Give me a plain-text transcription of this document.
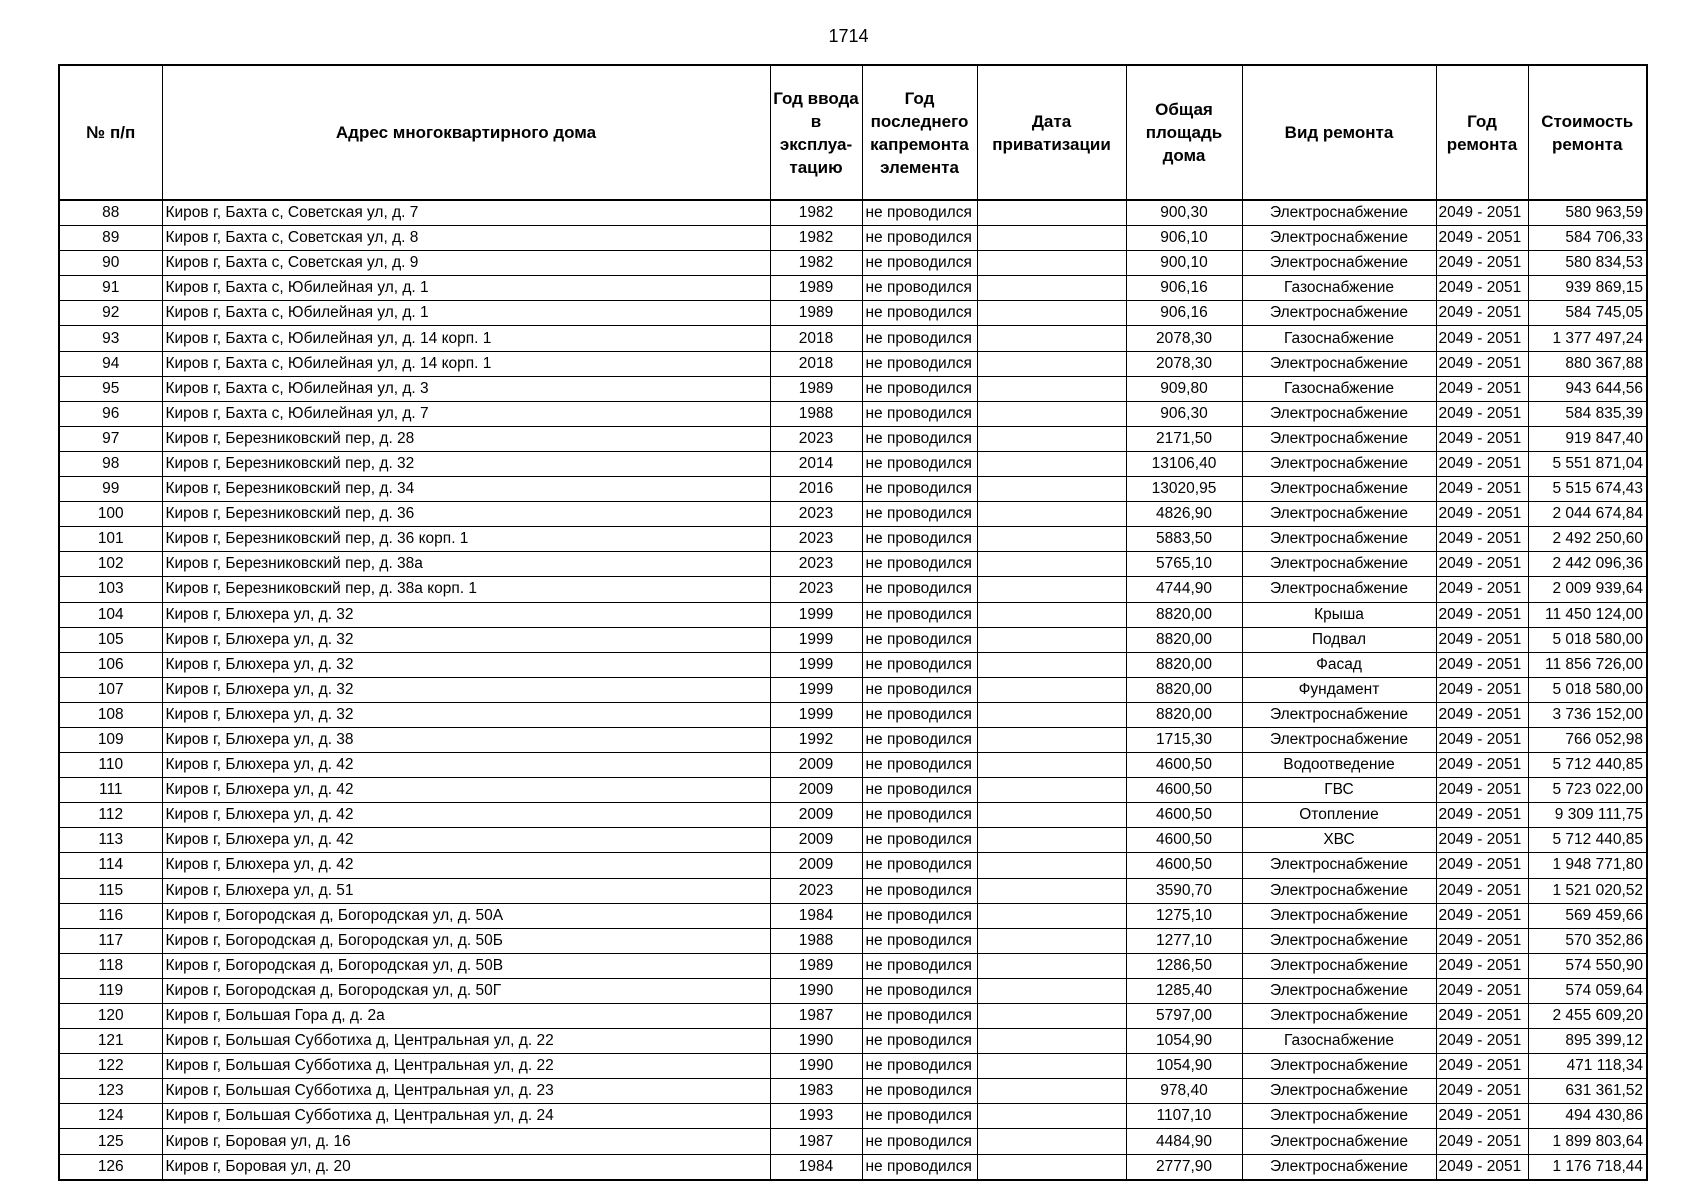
1714
№ п/п	Адрес многоквартирного дома	Год ввода в эксплуа-тацию	Год последнего капремонта элемента	Дата приватизации	Общая площадь дома	Вид ремонта	Год ремонта	Стоимость ремонта
88	Киров г, Бахта с, Советская ул, д. 7	1982	не проводился		900,30	Электроснабжение	2049 - 2051	580 963,59
89	Киров г, Бахта с, Советская ул, д. 8	1982	не проводился		906,10	Электроснабжение	2049 - 2051	584 706,33
90	Киров г, Бахта с, Советская ул, д. 9	1982	не проводился		900,10	Электроснабжение	2049 - 2051	580 834,53
91	Киров г, Бахта с, Юбилейная ул, д. 1	1989	не проводился		906,16	Газоснабжение	2049 - 2051	939 869,15
92	Киров г, Бахта с, Юбилейная ул, д. 1	1989	не проводился		906,16	Электроснабжение	2049 - 2051	584 745,05
93	Киров г, Бахта с, Юбилейная ул, д. 14 корп. 1	2018	не проводился		2078,30	Газоснабжение	2049 - 2051	1 377 497,24
94	Киров г, Бахта с, Юбилейная ул, д. 14 корп. 1	2018	не проводился		2078,30	Электроснабжение	2049 - 2051	880 367,88
95	Киров г, Бахта с, Юбилейная ул, д. 3	1989	не проводился		909,80	Газоснабжение	2049 - 2051	943 644,56
96	Киров г, Бахта с, Юбилейная ул, д. 7	1988	не проводился		906,30	Электроснабжение	2049 - 2051	584 835,39
97	Киров г, Березниковский пер, д. 28	2023	не проводился		2171,50	Электроснабжение	2049 - 2051	919 847,40
98	Киров г, Березниковский пер, д. 32	2014	не проводился		13106,40	Электроснабжение	2049 - 2051	5 551 871,04
99	Киров г, Березниковский пер, д. 34	2016	не проводился		13020,95	Электроснабжение	2049 - 2051	5 515 674,43
100	Киров г, Березниковский пер, д. 36	2023	не проводился		4826,90	Электроснабжение	2049 - 2051	2 044 674,84
101	Киров г, Березниковский пер, д. 36 корп. 1	2023	не проводился		5883,50	Электроснабжение	2049 - 2051	2 492 250,60
102	Киров г, Березниковский пер, д. 38а	2023	не проводился		5765,10	Электроснабжение	2049 - 2051	2 442 096,36
103	Киров г, Березниковский пер, д. 38а корп. 1	2023	не проводился		4744,90	Электроснабжение	2049 - 2051	2 009 939,64
104	Киров г, Блюхера ул, д. 32	1999	не проводился		8820,00	Крыша	2049 - 2051	11 450 124,00
105	Киров г, Блюхера ул, д. 32	1999	не проводился		8820,00	Подвал	2049 - 2051	5 018 580,00
106	Киров г, Блюхера ул, д. 32	1999	не проводился		8820,00	Фасад	2049 - 2051	11 856 726,00
107	Киров г, Блюхера ул, д. 32	1999	не проводился		8820,00	Фундамент	2049 - 2051	5 018 580,00
108	Киров г, Блюхера ул, д. 32	1999	не проводился		8820,00	Электроснабжение	2049 - 2051	3 736 152,00
109	Киров г, Блюхера ул, д. 38	1992	не проводился		1715,30	Электроснабжение	2049 - 2051	766 052,98
110	Киров г, Блюхера ул, д. 42	2009	не проводился		4600,50	Водоотведение	2049 - 2051	5 712 440,85
111	Киров г, Блюхера ул, д. 42	2009	не проводился		4600,50	ГВС	2049 - 2051	5 723 022,00
112	Киров г, Блюхера ул, д. 42	2009	не проводился		4600,50	Отопление	2049 - 2051	9 309 111,75
113	Киров г, Блюхера ул, д. 42	2009	не проводился		4600,50	ХВС	2049 - 2051	5 712 440,85
114	Киров г, Блюхера ул, д. 42	2009	не проводился		4600,50	Электроснабжение	2049 - 2051	1 948 771,80
115	Киров г, Блюхера ул, д. 51	2023	не проводился		3590,70	Электроснабжение	2049 - 2051	1 521 020,52
116	Киров г, Богородская д, Богородская ул, д. 50А	1984	не проводился		1275,10	Электроснабжение	2049 - 2051	569 459,66
117	Киров г, Богородская д, Богородская ул, д. 50Б	1988	не проводился		1277,10	Электроснабжение	2049 - 2051	570 352,86
118	Киров г, Богородская д, Богородская ул, д. 50В	1989	не проводился		1286,50	Электроснабжение	2049 - 2051	574 550,90
119	Киров г, Богородская д, Богородская ул, д. 50Г	1990	не проводился		1285,40	Электроснабжение	2049 - 2051	574 059,64
120	Киров г, Большая Гора д, д. 2а	1987	не проводился		5797,00	Электроснабжение	2049 - 2051	2 455 609,20
121	Киров г, Большая Субботиха д, Центральная ул, д. 22	1990	не проводился		1054,90	Газоснабжение	2049 - 2051	895 399,12
122	Киров г, Большая Субботиха д, Центральная ул, д. 22	1990	не проводился		1054,90	Электроснабжение	2049 - 2051	471 118,34
123	Киров г, Большая Субботиха д, Центральная ул, д. 23	1983	не проводился		978,40	Электроснабжение	2049 - 2051	631 361,52
124	Киров г, Большая Субботиха д, Центральная ул, д. 24	1993	не проводился		1107,10	Электроснабжение	2049 - 2051	494 430,86
125	Киров г, Боровая ул, д. 16	1987	не проводился		4484,90	Электроснабжение	2049 - 2051	1 899 803,64
126	Киров г, Боровая ул, д. 20	1984	не проводился		2777,90	Электроснабжение	2049 - 2051	1 176 718,44
